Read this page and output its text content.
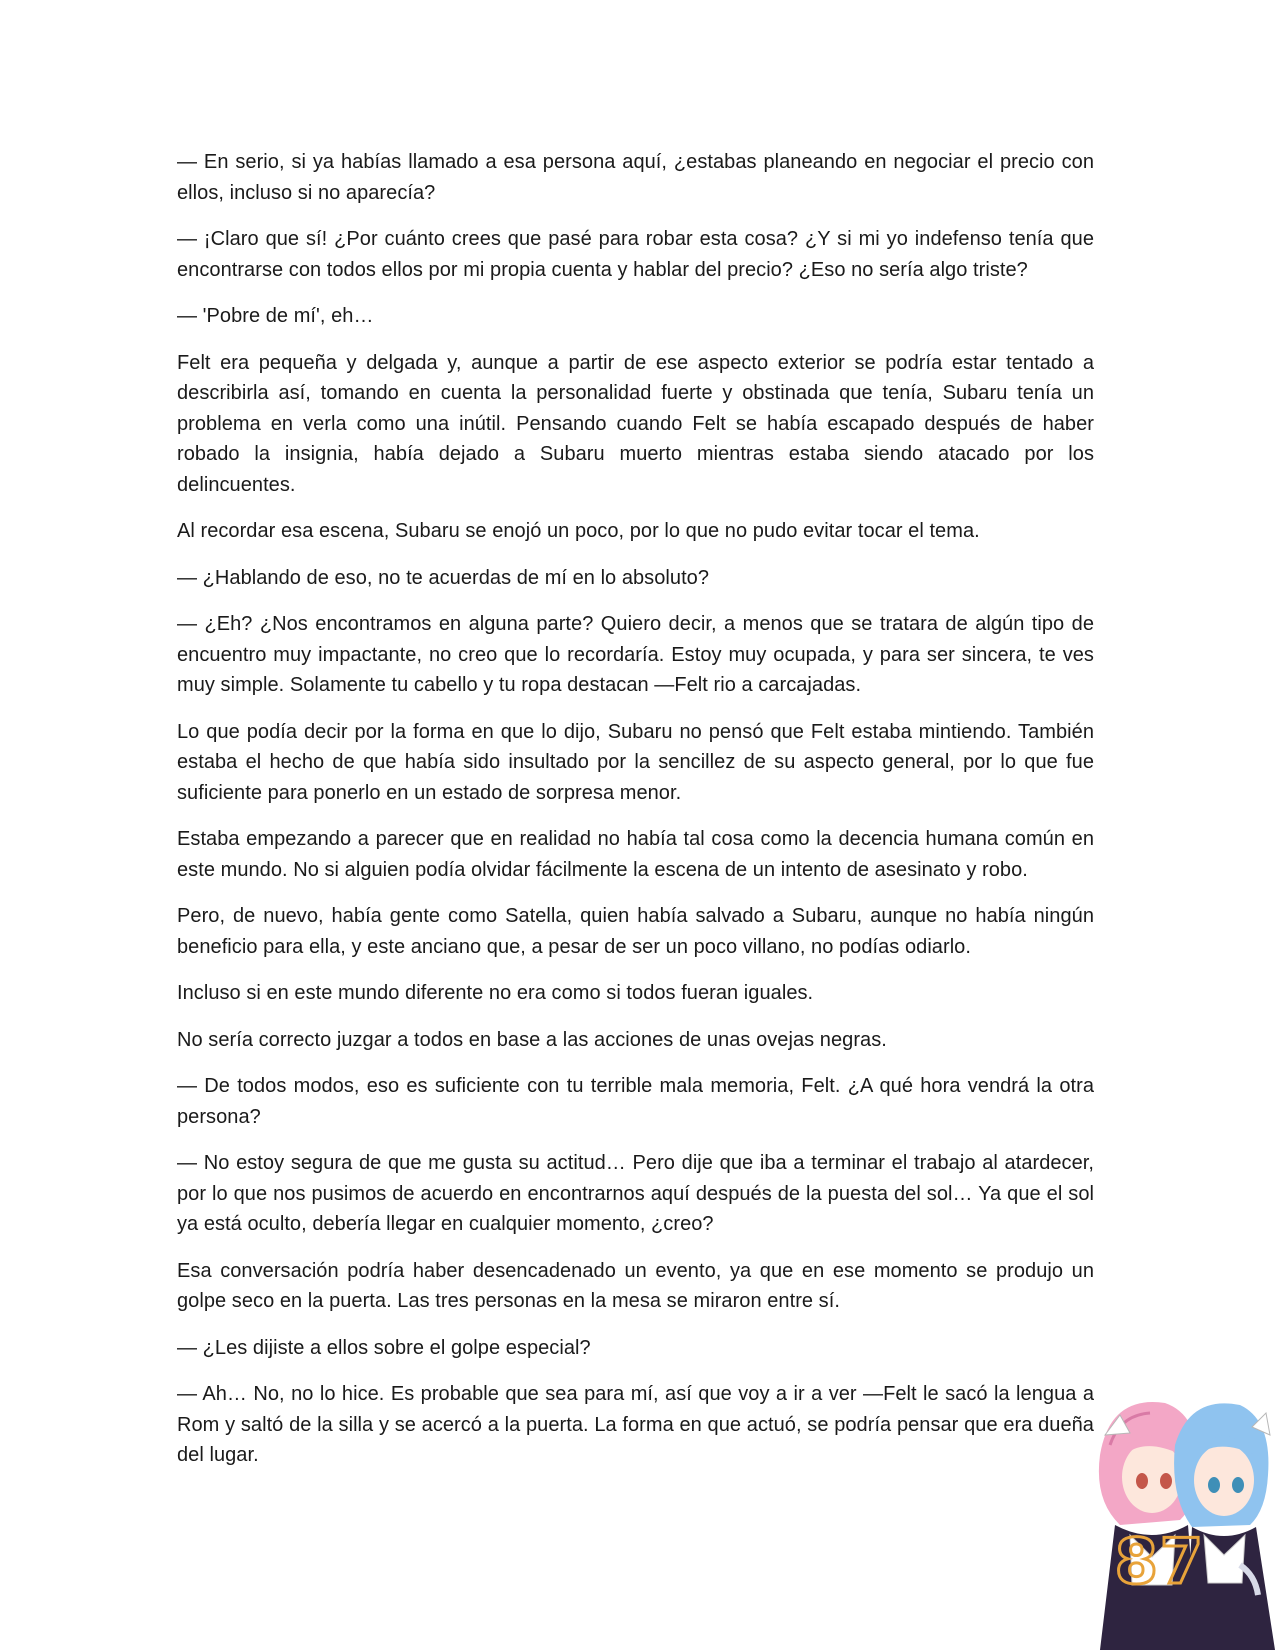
— En serio, si ya habías llamado a esa persona aquí, ¿estabas planeando en negociar el precio con ellos, incluso si no aparecía?

— ¡Claro que sí! ¿Por cuánto crees que pasé para robar esta cosa? ¿Y si mi yo indefenso tenía que encontrarse con todos ellos por mi propia cuenta y hablar del precio? ¿Eso no sería algo triste?

— 'Pobre de mí', eh…

Felt era pequeña y delgada y, aunque a partir de ese aspecto exterior se podría estar tentado a describirla así, tomando en cuenta la personalidad fuerte y obstinada que tenía, Subaru tenía un problema en verla como una inútil. Pensando cuando Felt se había escapado después de haber robado la insignia, había dejado a Subaru muerto mientras estaba siendo atacado por los delincuentes.

Al recordar esa escena, Subaru se enojó un poco, por lo que no pudo evitar tocar el tema.

— ¿Hablando de eso, no te acuerdas de mí en lo absoluto?

— ¿Eh? ¿Nos encontramos en alguna parte? Quiero decir, a menos que se tratara de algún tipo de encuentro muy impactante, no creo que lo recordaría. Estoy muy ocupada, y para ser sincera, te ves muy simple. Solamente tu cabello y tu ropa destacan —Felt rio a carcajadas.

Lo que podía decir por la forma en que lo dijo, Subaru no pensó que Felt estaba mintiendo. También estaba el hecho de que había sido insultado por la sencillez de su aspecto general, por lo que fue suficiente para ponerlo en un estado de sorpresa menor.

Estaba empezando a parecer que en realidad no había tal cosa como la decencia humana común en este mundo. No si alguien podía olvidar fácilmente la escena de un intento de asesinato y robo.

Pero, de nuevo, había gente como Satella, quien había salvado a Subaru, aunque no había ningún beneficio para ella, y este anciano que, a pesar de ser un poco villano, no podías odiarlo.

Incluso si en este mundo diferente no era como si todos fueran iguales.

No sería correcto juzgar a todos en base a las acciones de unas ovejas negras.

— De todos modos, eso es suficiente con tu terrible mala memoria, Felt. ¿A qué hora vendrá la otra persona?

— No estoy segura de que me gusta su actitud… Pero dije que iba a terminar el trabajo al atardecer, por lo que nos pusimos de acuerdo en encontrarnos aquí después de la puesta del sol… Ya que el sol ya está oculto, debería llegar en cualquier momento, ¿creo?

Esa conversación podría haber desencadenado un evento, ya que en ese momento se produjo un golpe seco en la puerta. Las tres personas en la mesa se miraron entre sí.

— ¿Les dijiste a ellos sobre el golpe especial?

— Ah… No, no lo hice. Es probable que sea para mí, así que voy a ir a ver —Felt le sacó la lengua a Rom y saltó de la silla y se acercó a la puerta. La forma en que actuó, se podría pensar que era dueña del lugar.

87
